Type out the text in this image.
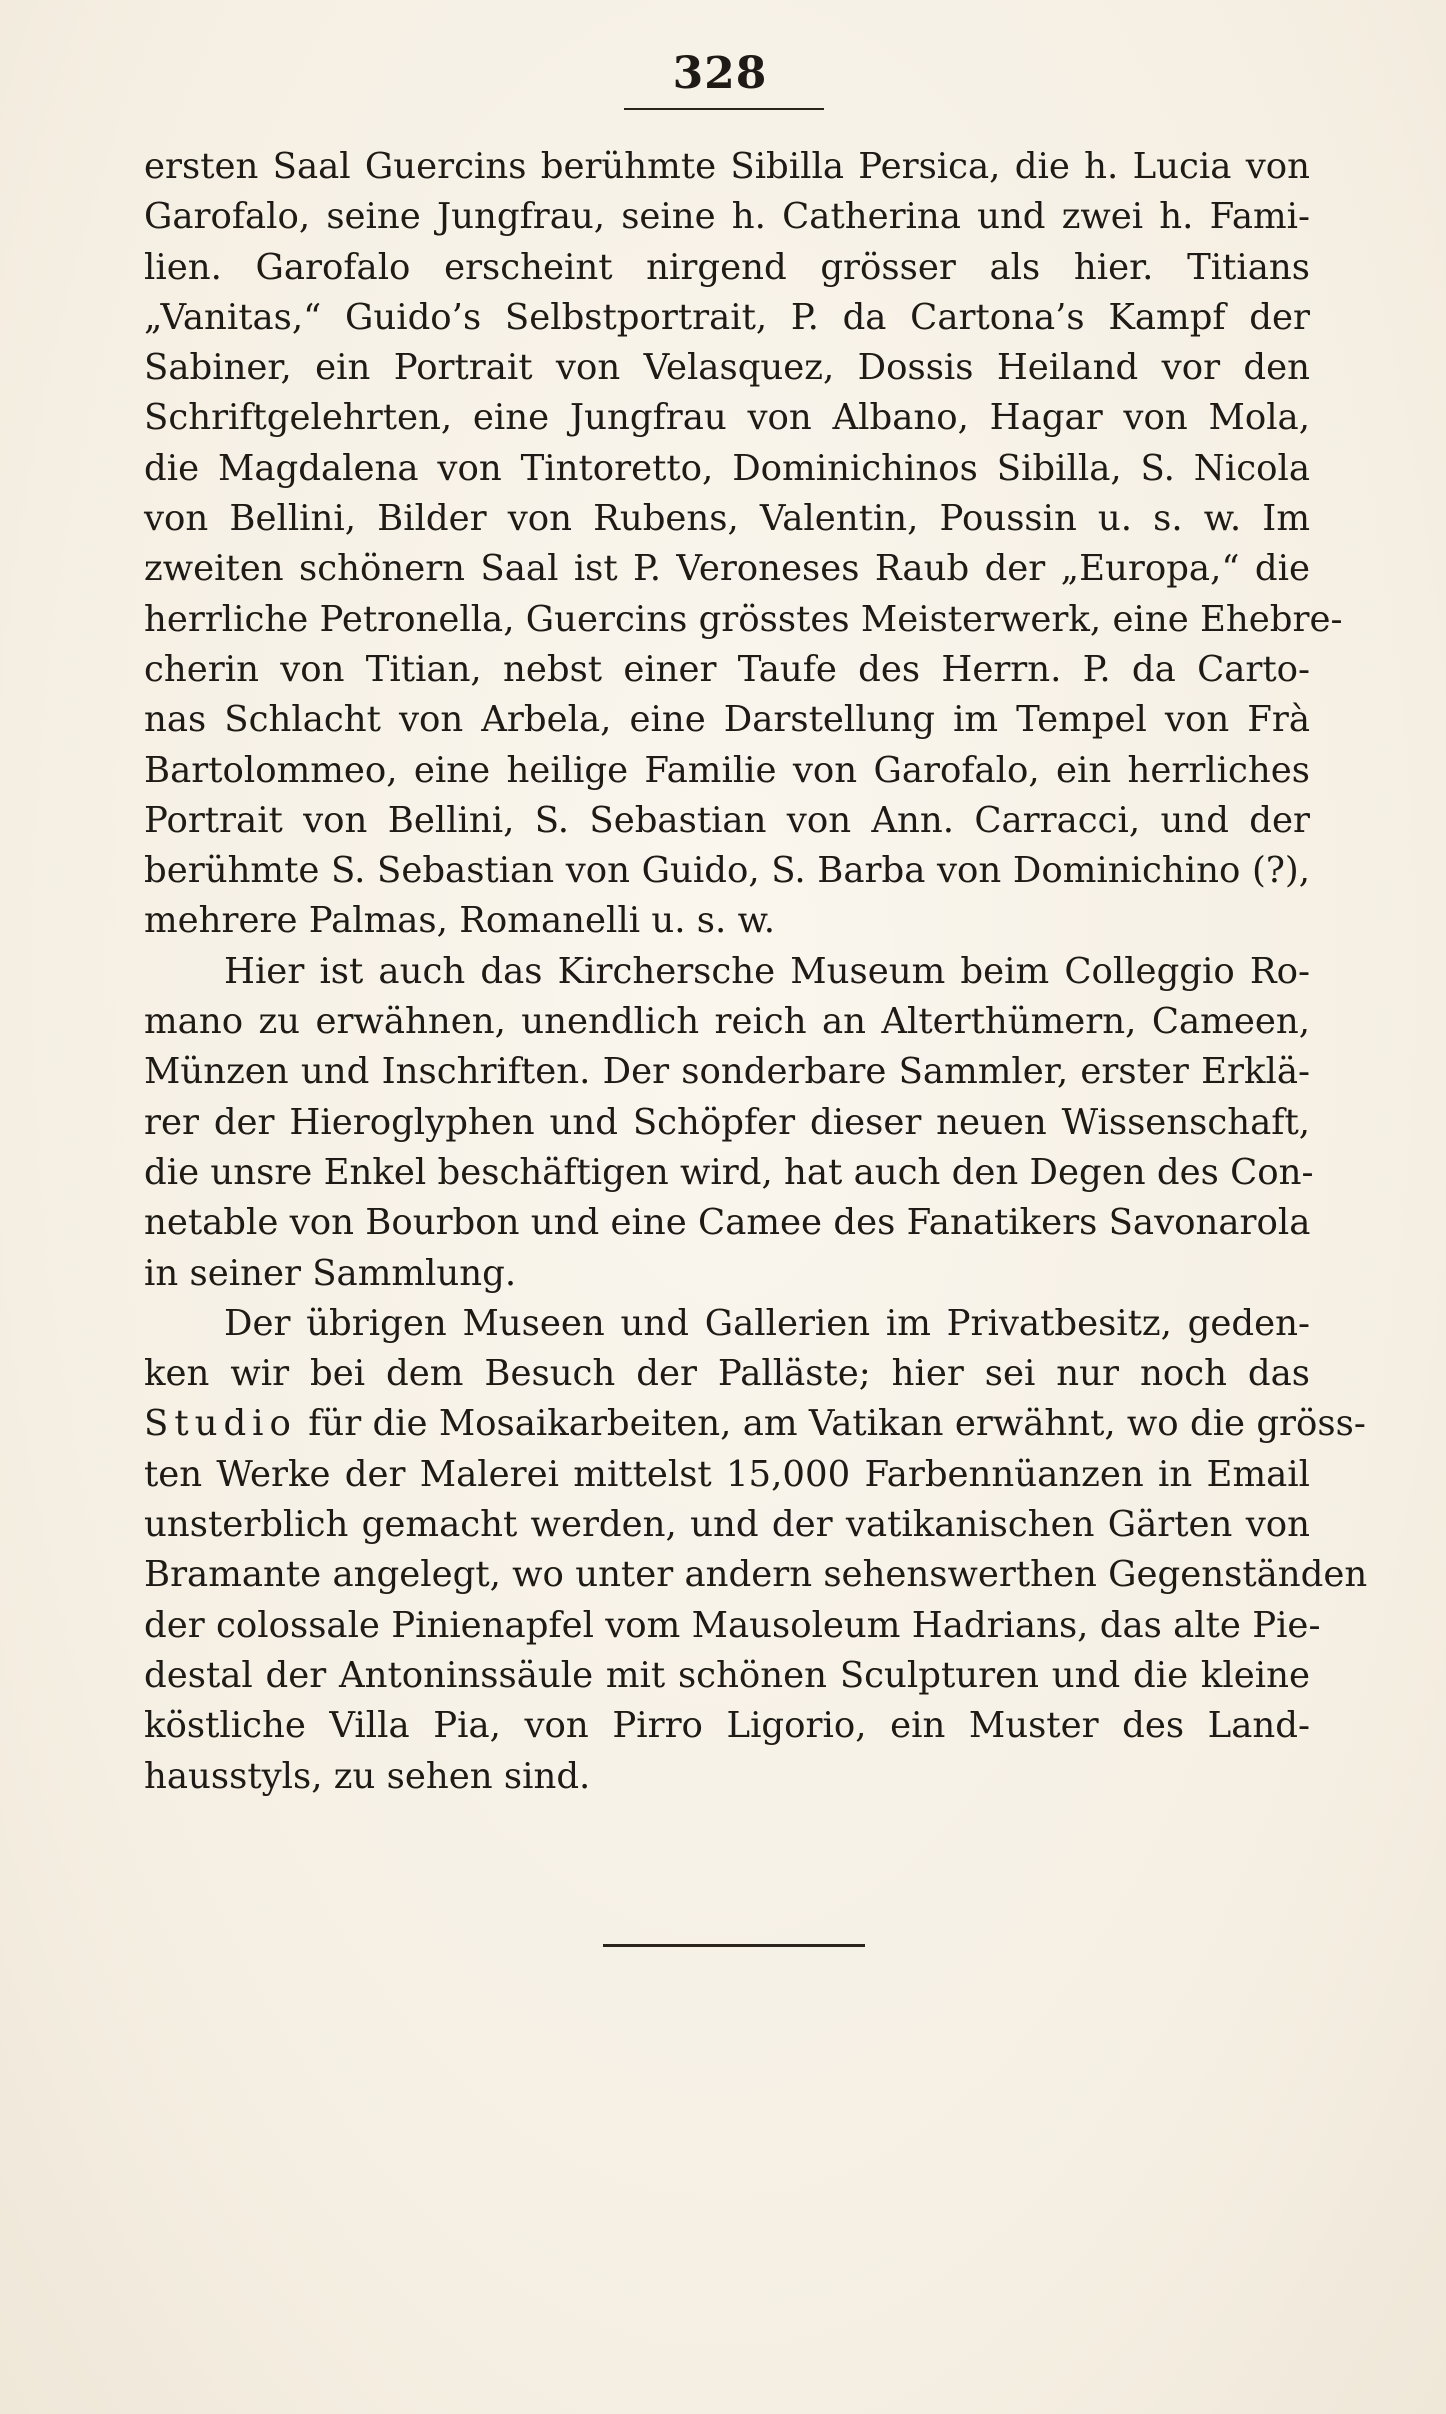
328
ersten Saal Guercins berühmte Sibilla Persica, die h. Lucia von
Garofalo, seine Jungfrau, seine h. Catherina und zwei h. Fami-
lien. Garofalo erscheint nirgend grösser als hier. Titians
„Vanitas,“ Guido’s Selbstportrait, P. da Cartona’s Kampf der
Sabiner, ein Portrait von Velasquez, Dossis Heiland vor den
Schriftgelehrten, eine Jungfrau von Albano, Hagar von Mola,
die Magdalena von Tintoretto, Dominichinos Sibilla, S. Nicola
von Bellini, Bilder von Rubens, Valentin, Poussin u. s. w. Im
zweiten schönern Saal ist P. Veroneses Raub der „Europa,“ die
herrliche Petronella, Guercins grösstes Meisterwerk, eine Ehebre-
cherin von Titian, nebst einer Taufe des Herrn. P. da Carto-
nas Schlacht von Arbela, eine Darstellung im Tempel von Frà
Bartolommeo, eine heilige Familie von Garofalo, ein herrliches
Portrait von Bellini, S. Sebastian von Ann. Carracci, und der
berühmte S. Sebastian von Guido, S. Barba von Dominichino (?),
mehrere Palmas, Romanelli u. s. w.
Hier ist auch das Kirchersche Museum beim Colleggio Ro-
mano zu erwähnen, unendlich reich an Alterthümern, Cameen,
Münzen und Inschriften. Der sonderbare Sammler, erster Erklä-
rer der Hieroglyphen und Schöpfer dieser neuen Wissenschaft,
die unsre Enkel beschäftigen wird, hat auch den Degen des Con-
netable von Bourbon und eine Camee des Fanatikers Savonarola
in seiner Sammlung.
Der übrigen Museen und Gallerien im Privatbesitz, geden-
ken wir bei dem Besuch der Palläste; hier sei nur noch das
Studio für die Mosaikarbeiten, am Vatikan erwähnt, wo die gröss-
ten Werke der Malerei mittelst 15,000 Farbennüanzen in Email
unsterblich gemacht werden, und der vatikanischen Gärten von
Bramante angelegt, wo unter andern sehenswerthen Gegenständen
der colossale Pinienapfel vom Mausoleum Hadrians, das alte Pie-
destal der Antoninssäule mit schönen Sculpturen und die kleine
köstliche Villa Pia, von Pirro Ligorio, ein Muster des Land-
hausstyls, zu sehen sind.
